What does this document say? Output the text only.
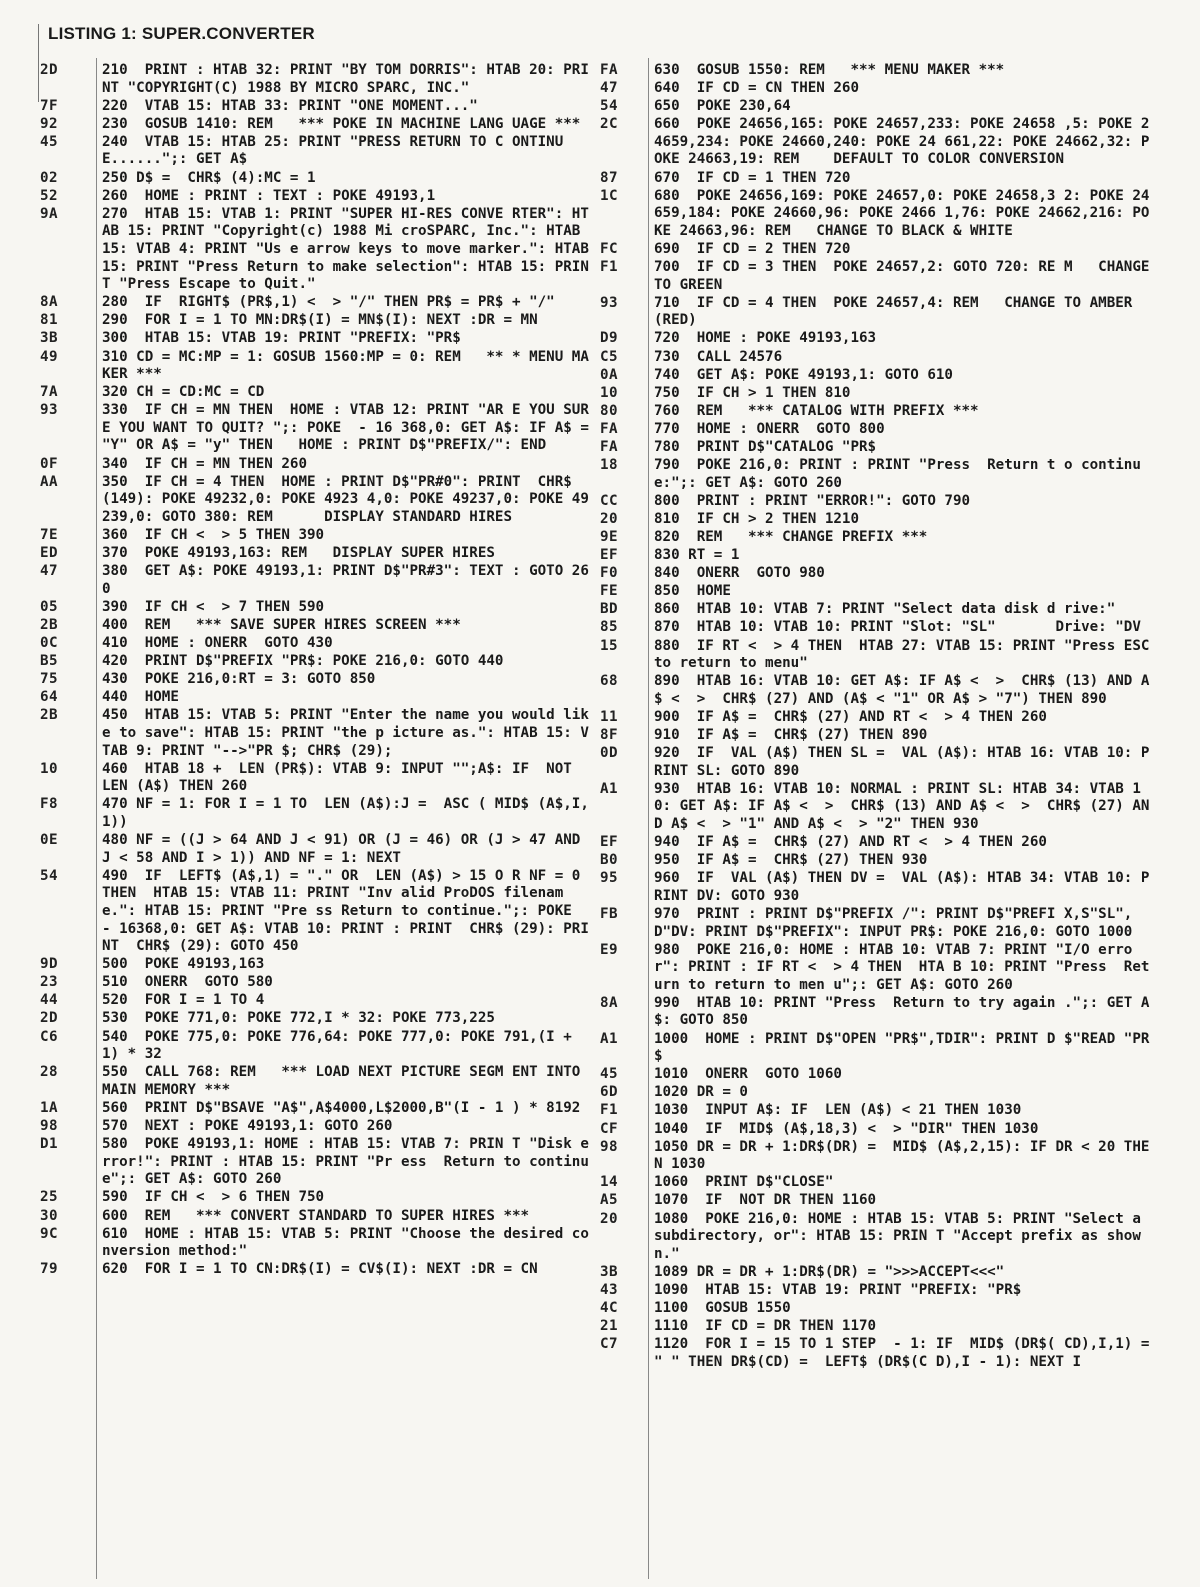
LISTING 1: SUPER.CONVERTER
2D	210  PRINT : HTAB 32: PRINT "BY TOM DORRIS": HTAB 20: PRINT "COPYRIGHT(C) 1988 BY MICRO SPARC, INC."
7F	220  VTAB 15: HTAB 33: PRINT "ONE MOMENT..."
92	230  GOSUB 1410: REM   *** POKE IN MACHINE LANG UAGE ***
45	240  VTAB 15: HTAB 25: PRINT "PRESS RETURN TO C ONTINUE......";: GET A$
02	250 D$ =  CHR$ (4):MC = 1
52	260  HOME : PRINT : TEXT : POKE 49193,1
9A	270  HTAB 15: VTAB 1: PRINT "SUPER HI-RES CONVE RTER": HTAB 15: PRINT "Copyright(c) 1988 Mi croSPARC, Inc.": HTAB 15: VTAB 4: PRINT "Us e arrow keys to move marker.": HTAB 15: PRINT "Press Return to make selection": HTAB 15: PRINT "Press Escape to Quit."
8A	280  IF  RIGHT$ (PR$,1) <  > "/" THEN PR$ = PR$ + "/"
81	290  FOR I = 1 TO MN:DR$(I) = MN$(I): NEXT :DR = MN
3B	300  HTAB 15: VTAB 19: PRINT "PREFIX: "PR$
49	310 CD = MC:MP = 1: GOSUB 1560:MP = 0: REM   ** * MENU MAKER ***
7A	320 CH = CD:MC = CD
93	330  IF CH = MN THEN  HOME : VTAB 12: PRINT "AR E YOU SURE YOU WANT TO QUIT? ";: POKE  - 16 368,0: GET A$: IF A$ = "Y" OR A$ = "y" THEN   HOME : PRINT D$"PREFIX/": END
0F	340  IF CH = MN THEN 260
AA	350  IF CH = 4 THEN  HOME : PRINT D$"PR#0": PRINT  CHR$ (149): POKE 49232,0: POKE 4923 4,0: POKE 49237,0: POKE 49239,0: GOTO 380: REM      DISPLAY STANDARD HIRES
7E	360  IF CH <  > 5 THEN 390
ED	370  POKE 49193,163: REM   DISPLAY SUPER HIRES
47	380  GET A$: POKE 49193,1: PRINT D$"PR#3": TEXT : GOTO 260
05	390  IF CH <  > 7 THEN 590
2B	400  REM   *** SAVE SUPER HIRES SCREEN ***
0C	410  HOME : ONERR  GOTO 430
B5	420  PRINT D$"PREFIX "PR$: POKE 216,0: GOTO 440
75	430  POKE 216,0:RT = 3: GOTO 850
64	440  HOME
2B	450  HTAB 15: VTAB 5: PRINT "Enter the name you would like to save": HTAB 15: PRINT "the p icture as.": HTAB 15: VTAB 9: PRINT "-->"PR $; CHR$ (29);
10	460  HTAB 18 +  LEN (PR$): VTAB 9: INPUT "";A$: IF  NOT  LEN (A$) THEN 260
F8	470 NF = 1: FOR I = 1 TO  LEN (A$):J =  ASC ( MID$ (A$,I,1))
0E	480 NF = ((J > 64 AND J < 91) OR (J = 46) OR (J > 47 AND J < 58 AND I > 1)) AND NF = 1: NEXT
54	490  IF  LEFT$ (A$,1) = "." OR  LEN (A$) > 15 O R NF = 0 THEN  HTAB 15: VTAB 11: PRINT "Inv alid ProDOS filename.": HTAB 15: PRINT "Pre ss Return to continue.";: POKE  - 16368,0: GET A$: VTAB 10: PRINT : PRINT  CHR$ (29): PRINT  CHR$ (29): GOTO 450
9D	500  POKE 49193,163
23	510  ONERR  GOTO 580
44	520  FOR I = 1 TO 4
2D	530  POKE 771,0: POKE 772,I * 32: POKE 773,225
C6	540  POKE 775,0: POKE 776,64: POKE 777,0: POKE 791,(I + 1) * 32
28	550  CALL 768: REM   *** LOAD NEXT PICTURE SEGM ENT INTO MAIN MEMORY ***
1A	560  PRINT D$"BSAVE "A$",A$4000,L$2000,B"(I - 1 ) * 8192
98	570  NEXT : POKE 49193,1: GOTO 260
D1	580  POKE 49193,1: HOME : HTAB 15: VTAB 7: PRIN T "Disk error!": PRINT : HTAB 15: PRINT "Pr ess  Return to continue";: GET A$: GOTO 260
25	590  IF CH <  > 6 THEN 750
30	600  REM   *** CONVERT STANDARD TO SUPER HIRES ***
9C	610  HOME : HTAB 15: VTAB 5: PRINT "Choose the desired conversion method:"
79	620  FOR I = 1 TO CN:DR$(I) = CV$(I): NEXT :DR = CN
FA	630  GOSUB 1550: REM   *** MENU MAKER ***
47	640  IF CD = CN THEN 260
54	650  POKE 230,64
2C	660  POKE 24656,165: POKE 24657,233: POKE 24658 ,5: POKE 24659,234: POKE 24660,240: POKE 24 661,22: POKE 24662,32: POKE 24663,19: REM    DEFAULT TO COLOR CONVERSION
87	670  IF CD = 1 THEN 720
1C	680  POKE 24656,169: POKE 24657,0: POKE 24658,3 2: POKE 24659,184: POKE 24660,96: POKE 2466 1,76: POKE 24662,216: POKE 24663,96: REM   CHANGE TO BLACK & WHITE
FC	690  IF CD = 2 THEN 720
F1	700  IF CD = 3 THEN  POKE 24657,2: GOTO 720: RE M   CHANGE TO GREEN
93	710  IF CD = 4 THEN  POKE 24657,4: REM   CHANGE TO AMBER (RED)
D9	720  HOME : POKE 49193,163
C5	730  CALL 24576
0A	740  GET A$: POKE 49193,1: GOTO 610
10	750  IF CH > 1 THEN 810
80	760  REM   *** CATALOG WITH PREFIX ***
FA	770  HOME : ONERR  GOTO 800
FA	780  PRINT D$"CATALOG "PR$
18	790  POKE 216,0: PRINT : PRINT "Press  Return t o continue:";: GET A$: GOTO 260
CC	800  PRINT : PRINT "ERROR!": GOTO 790
20	810  IF CH > 2 THEN 1210
9E	820  REM   *** CHANGE PREFIX ***
EF	830 RT = 1
F0	840  ONERR  GOTO 980
FE	850  HOME
BD	860  HTAB 10: VTAB 7: PRINT "Select data disk d rive:"
85	870  HTAB 10: VTAB 10: PRINT "Slot: "SL"       Drive: "DV
15	880  IF RT <  > 4 THEN  HTAB 27: VTAB 15: PRINT "Press ESC to return to menu"
68	890  HTAB 16: VTAB 10: GET A$: IF A$ <  >  CHR$ (13) AND A$ <  >  CHR$ (27) AND (A$ < "1" OR A$ > "7") THEN 890
11	900  IF A$ =  CHR$ (27) AND RT <  > 4 THEN 260
8F	910  IF A$ =  CHR$ (27) THEN 890
0D	920  IF  VAL (A$) THEN SL =  VAL (A$): HTAB 16: VTAB 10: PRINT SL: GOTO 890
A1	930  HTAB 16: VTAB 10: NORMAL : PRINT SL: HTAB 34: VTAB 10: GET A$: IF A$ <  >  CHR$ (13) AND A$ <  >  CHR$ (27) AND A$ <  > "1" AND A$ <  > "2" THEN 930
EF	940  IF A$ =  CHR$ (27) AND RT <  > 4 THEN 260
B0	950  IF A$ =  CHR$ (27) THEN 930
95	960  IF  VAL (A$) THEN DV =  VAL (A$): HTAB 34: VTAB 10: PRINT DV: GOTO 930
FB	970  PRINT : PRINT D$"PREFIX /": PRINT D$"PREFI X,S"SL",D"DV: PRINT D$"PREFIX": INPUT PR$: POKE 216,0: GOTO 1000
E9	980  POKE 216,0: HOME : HTAB 10: VTAB 7: PRINT "I/O error": PRINT : IF RT <  > 4 THEN  HTA B 10: PRINT "Press  Return to return to men u";: GET A$: GOTO 260
8A	990  HTAB 10: PRINT "Press  Return to try again .";: GET A$: GOTO 850
A1	1000  HOME : PRINT D$"OPEN "PR$",TDIR": PRINT D $"READ "PR$
45	1010  ONERR  GOTO 1060
6D	1020 DR = 0
F1	1030  INPUT A$: IF  LEN (A$) < 21 THEN 1030
CF	1040  IF  MID$ (A$,18,3) <  > "DIR" THEN 1030
98	1050 DR = DR + 1:DR$(DR) =  MID$ (A$,2,15): IF DR < 20 THEN 1030
14	1060  PRINT D$"CLOSE"
A5	1070  IF  NOT DR THEN 1160
20	1080  POKE 216,0: HOME : HTAB 15: VTAB 5: PRINT "Select a subdirectory, or": HTAB 15: PRIN T "Accept prefix as shown."
3B	1089 DR = DR + 1:DR$(DR) = ">>>ACCEPT<<<"
43	1090  HTAB 15: VTAB 19: PRINT "PREFIX: "PR$
4C	1100  GOSUB 1550
21	1110  IF CD = DR THEN 1170
C7	1120  FOR I = 15 TO 1 STEP  - 1: IF  MID$ (DR$( CD),I,1) = " " THEN DR$(CD) =  LEFT$ (DR$(C D),I - 1): NEXT I
